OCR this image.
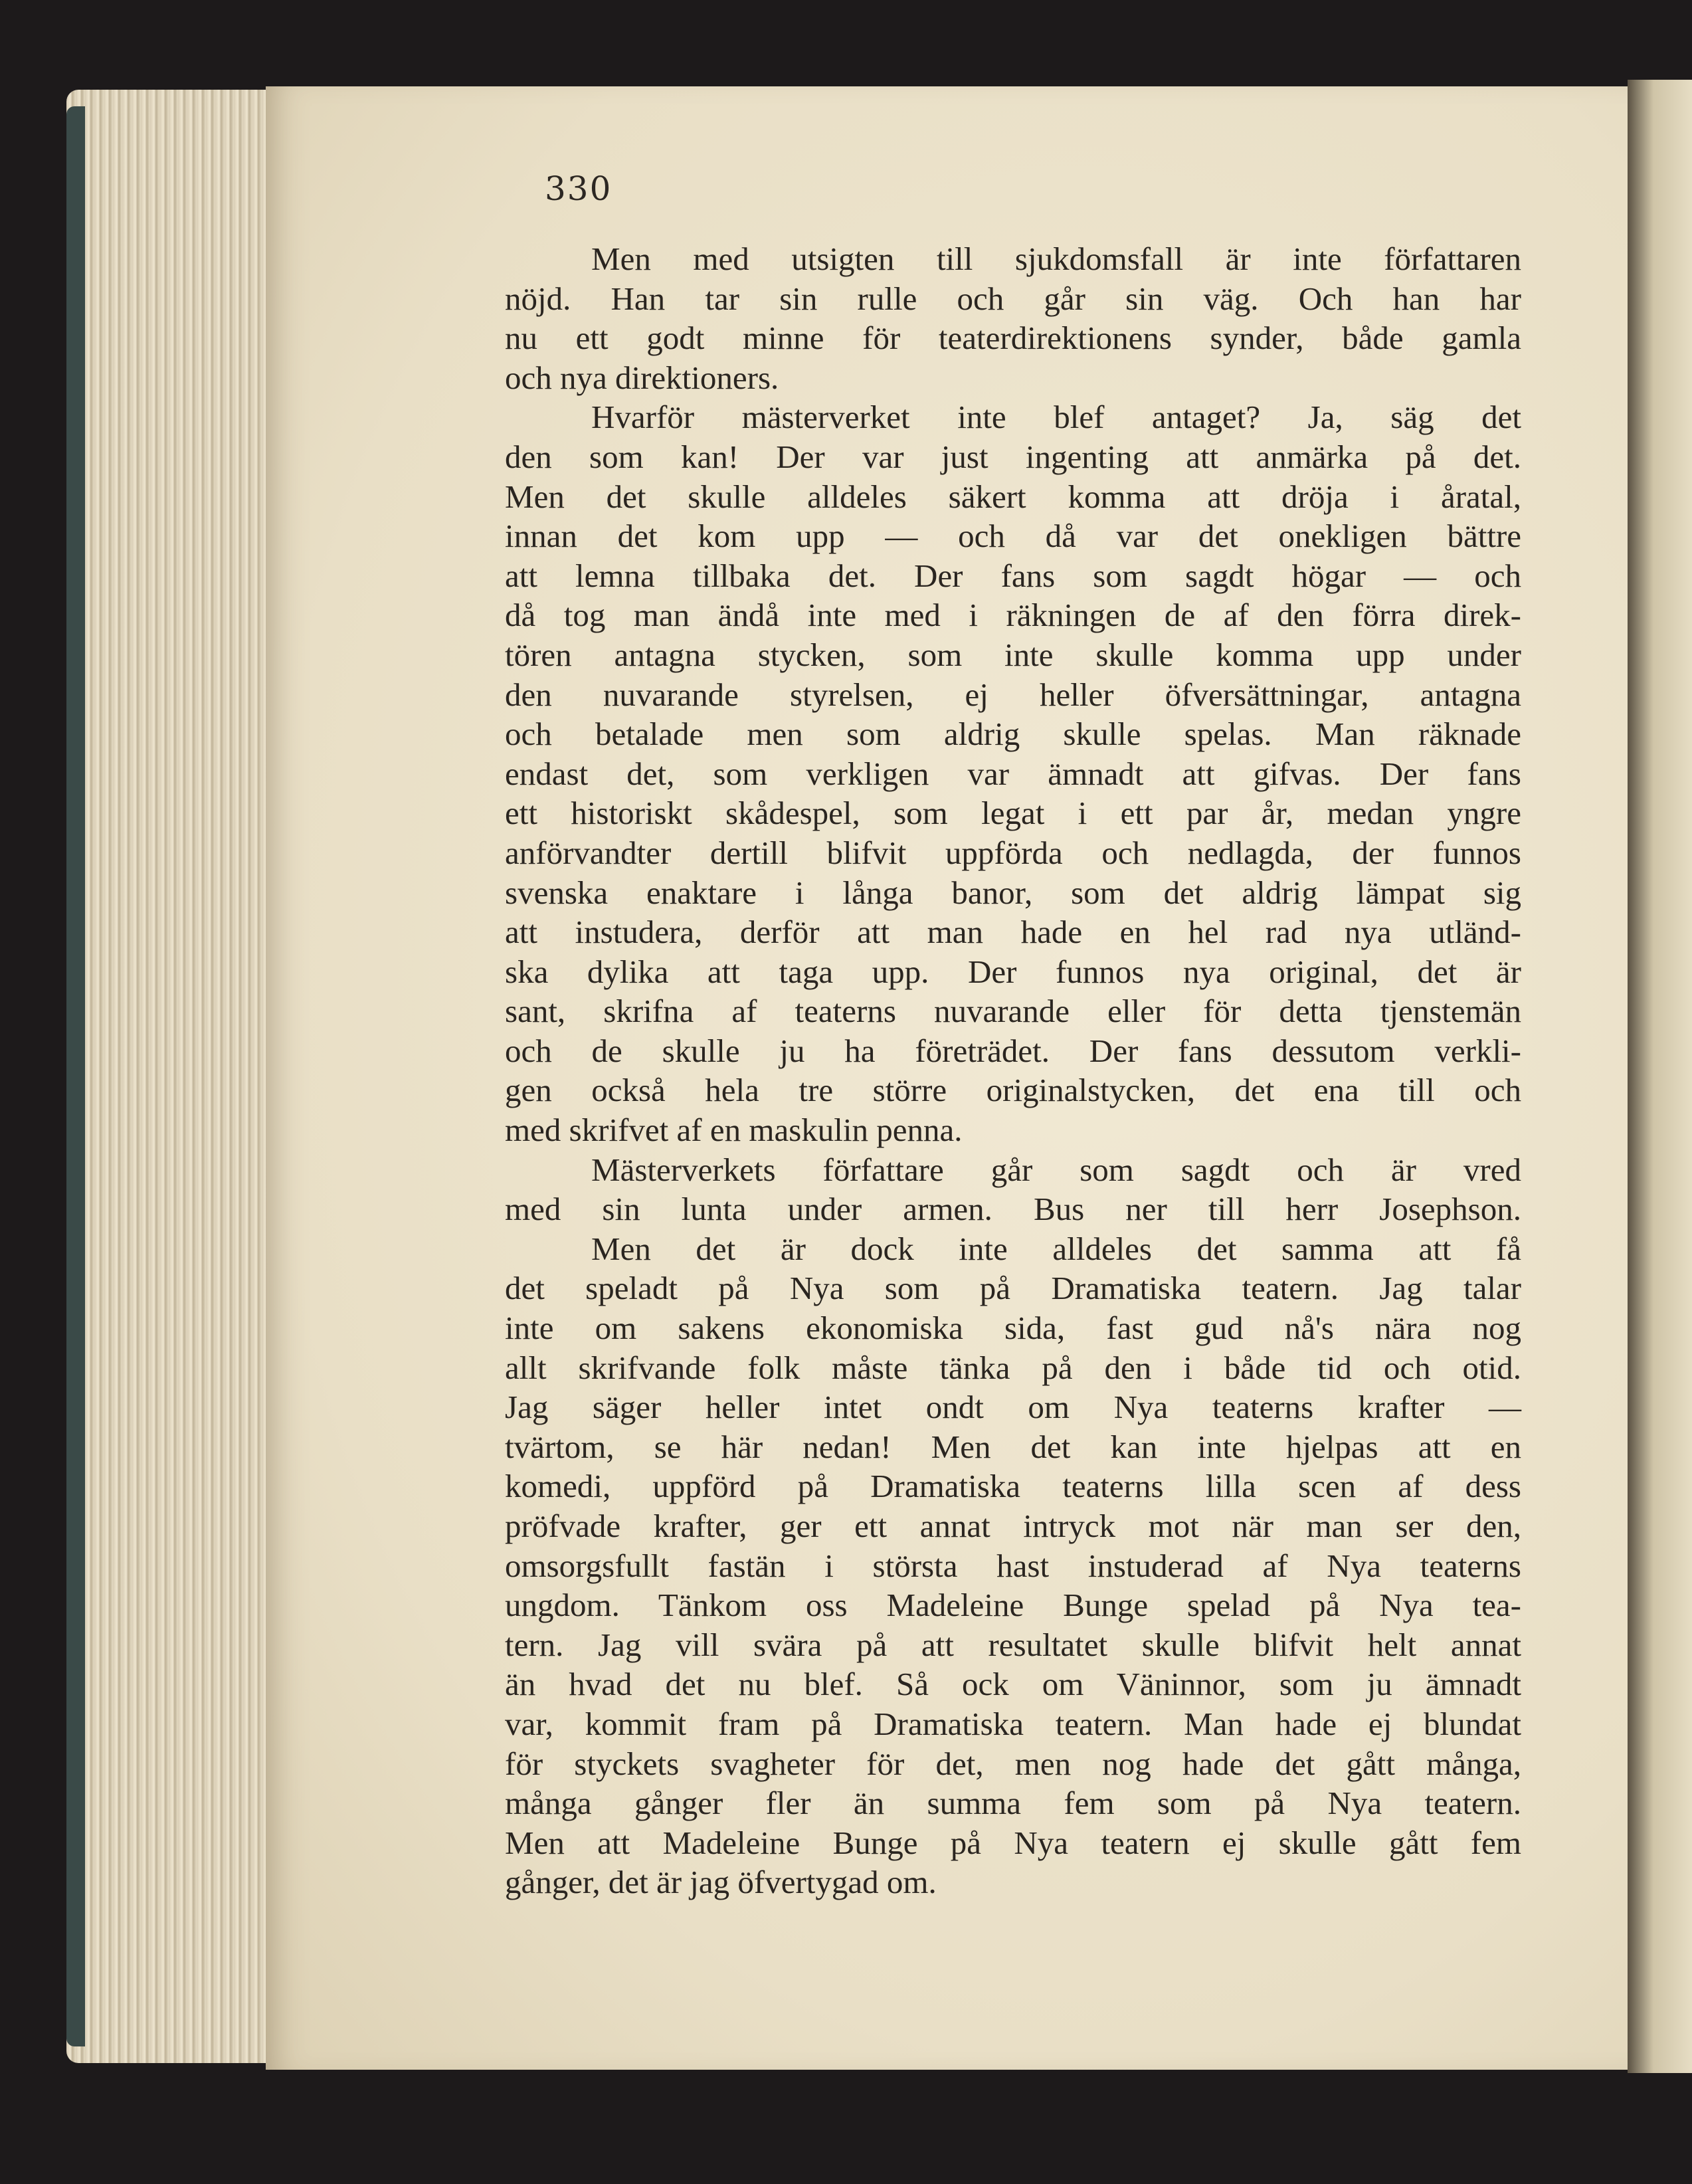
330
Men med utsigten till sjukdomsfall är inte författaren
nöjd. Han tar sin rulle och går sin väg. Och han har
nu ett godt minne för teaterdirektionens synder, både gamla
och nya direktioners.
Hvarför mästerverket inte blef antaget? Ja, säg det
den som kan! Der var just ingenting att anmärka på det.
Men det skulle alldeles säkert komma att dröja i åratal,
innan det kom upp — och då var det onekligen bättre
att lemna tillbaka det. Der fans som sagdt högar — och
då tog man ändå inte med i räkningen de af den förra direk-
tören antagna stycken, som inte skulle komma upp under
den nuvarande styrelsen, ej heller öfversättningar, antagna
och betalade men som aldrig skulle spelas. Man räknade
endast det, som verkligen var ämnadt att gifvas. Der fans
ett historiskt skådespel, som legat i ett par år, medan yngre
anförvandter dertill blifvit uppförda och nedlagda, der funnos
svenska enaktare i långa banor, som det aldrig lämpat sig
att instudera, derför att man hade en hel rad nya utländ-
ska dylika att taga upp. Der funnos nya original, det är
sant, skrifna af teaterns nuvarande eller för detta tjenstemän
och de skulle ju ha företrädet. Der fans dessutom verkli-
gen också hela tre större originalstycken, det ena till och
med skrifvet af en maskulin penna.
Mästerverkets författare går som sagdt och är vred
med sin lunta under armen. Bus ner till herr Josephson.
Men det är dock inte alldeles det samma att få
det speladt på Nya som på Dramatiska teatern. Jag talar
inte om sakens ekonomiska sida, fast gud nå's nära nog
allt skrifvande folk måste tänka på den i både tid och otid.
Jag säger heller intet ondt om Nya teaterns krafter —
tvärtom, se här nedan! Men det kan inte hjelpas att en
komedi, uppförd på Dramatiska teaterns lilla scen af dess
pröfvade krafter, ger ett annat intryck mot när man ser den,
omsorgsfullt fastän i största hast instuderad af Nya teaterns
ungdom. Tänkom oss Madeleine Bunge spelad på Nya tea-
tern. Jag vill svära på att resultatet skulle blifvit helt annat
än hvad det nu blef. Så ock om Väninnor, som ju ämnadt
var, kommit fram på Dramatiska teatern. Man hade ej blundat
för styckets svagheter för det, men nog hade det gått många,
många gånger fler än summa fem som på Nya teatern.
Men att Madeleine Bunge på Nya teatern ej skulle gått fem
gånger, det är jag öfvertygad om.
